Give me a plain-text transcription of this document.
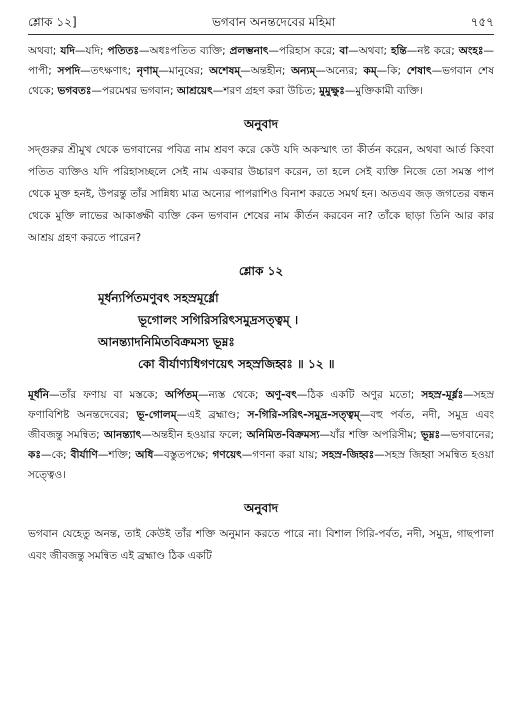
শ্লোক ১২]	ভগবান অনন্তদেবের মহিমা	৭৫৭

অথবা; যদি—যদি; পতিতঃ—অধঃপতিত ব্যক্তি; প্রলম্ভনাৎ—পরিহাস করে; বা—অথবা; হন্তি—নষ্ট করে; অংহঃ—পাপী; সপদি—তৎক্ষণাৎ; নৃণাম্—মানুষের; অশেষম্—অন্তহীন; অন্যম্—অন্যের; কম্—কি; শেষাৎ—ভগবান শেষ থেকে; ভগবতঃ—পরমেশ্বর ভগবান; আশ্রয়েৎ—শরণ গ্রহণ করা উচিত; মুমুক্ষুঃ—মুক্তিকামী ব্যক্তি।

অনুবাদ

সদ্গুরুর শ্রীমুখ থেকে ভগবানের পবিত্র নাম শ্রবণ করে কেউ যদি অকস্মাৎ তা কীর্তন করেন, অথবা আর্ত কিংবা পতিত ব্যক্তিও যদি পরিহাসচ্ছলে সেই নাম একবার উচ্চারণ করেন, তা হলে সেই ব্যক্তি নিজে তো সমস্ত পাপ থেকে মুক্ত হনই, উপরন্তু তাঁর সান্নিধ্য মাত্র অন্যের পাপরাশিও বিনাশ করতে সমর্থ হন। অতএব জড় জগতের বন্ধন থেকে মুক্তি লাভের আকাঙ্ক্ষী ব্যক্তি কেন ভগবান শেষের নাম কীর্তন করবেন না? তাঁকে ছাড়া তিনি আর কার আশ্রয় গ্রহণ করতে পারেন?

শ্লোক ১২
মূর্ধন্যর্পিতমণুবৎ সহস্রমূর্ধ্নো
ভূগোলং সগিরিসরিৎসমুদ্রসত্ত্বম্ ।
আনন্ত্যাদনিমিতবিক্রমস্য ভূম্নঃ
কো বীর্যাণ্যধিগণয়েৎ সহস্রজিহ্বঃ ॥ ১২ ॥

মূর্ধনি—তাঁর ফণায় বা মস্তকে; অর্পিতম্—ন্যস্ত থেকে; অণু-বৎ—ঠিক একটি অণুর মতো; সহস্র-মূর্ধ্নঃ—সহস্র ফণাবিশিষ্ট অনন্তদেবের; ভূ-গোলম্—এই ব্রহ্মাণ্ড; স-গিরি-সরিৎ-সমুদ্র-সত্ত্বম্—বহু পর্বত, নদী, সমুদ্র এবং জীবজন্তু সমন্বিত; আনন্ত্যাৎ—অন্তহীন হওয়ার ফলে; অনিমিত-বিক্রমস্য—যাঁর শক্তি অপরিসীম; ভূম্নঃ—ভগবানের; কঃ—কে; বীর্যাণি—শক্তি; অধি—বস্তুতপক্ষে; গণয়েৎ—গণনা করা যায়; সহস্র-জিহ্বঃ—সহস্র জিহ্বা সমন্বিত হওয়া সত্ত্বেও।

অনুবাদ

ভগবান যেহেতু অনন্ত, তাই কেউই তাঁর শক্তি অনুমান করতে পারে না। বিশাল গিরি-পর্বত, নদী, সমুদ্র, গাছপালা এবং জীবজন্তু সমন্বিত এই ব্রহ্মাণ্ড ঠিক একটি
